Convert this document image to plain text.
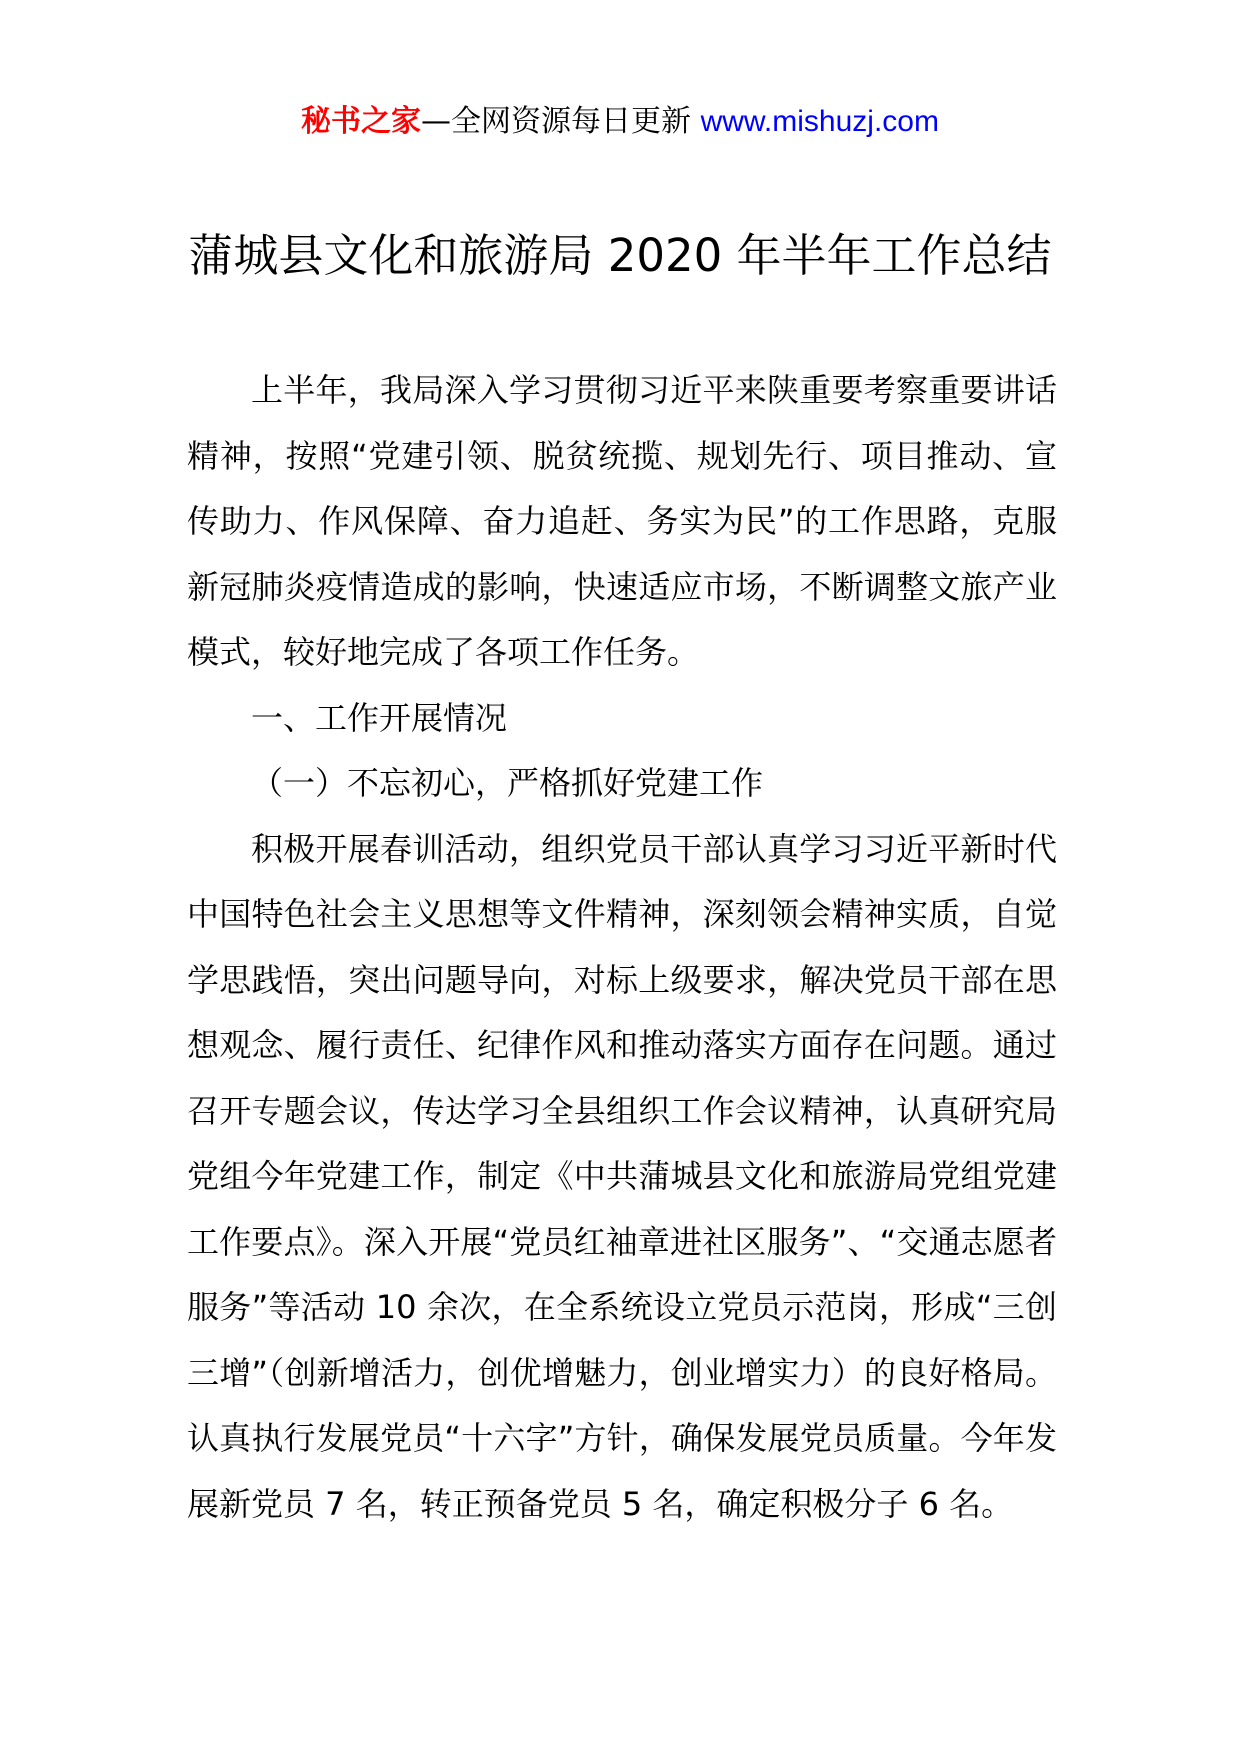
秘书之家—全网资源每日更新 www.mishuzj.com
蒲城县文化和旅游局 2020 年半年工作总结

上半年，我局深入学习贯彻习近平来陕重要考察重要讲话精神，按照“党建引领、脱贫统揽、规划先行、项目推动、宣传助力、作风保障、奋力追赶、务实为民”的工作思路，克服新冠肺炎疫情造成的影响，快速适应市场，不断调整文旅产业模式，较好地完成了各项工作任务。

一、工作开展情况

（一）不忘初心，严格抓好党建工作

积极开展春训活动，组织党员干部认真学习习近平新时代中国特色社会主义思想等文件精神，深刻领会精神实质，自觉学思践悟，突出问题导向，对标上级要求，解决党员干部在思想观念、履行责任、纪律作风和推动落实方面存在问题。通过召开专题会议，传达学习全县组织工作会议精神，认真研究局党组今年党建工作，制定《中共蒲城县文化和旅游局党组党建工作要点》。深入开展“党员红袖章进社区服务”、“交通志愿者服务”等活动 10 余次，在全系统设立党员示范岗，形成“三创三增”（创新增活力，创优增魅力，创业增实力）的良好格局。认真执行发展党员“十六字”方针，确保发展党员质量。今年发展新党员 7 名，转正预备党员 5 名，确定积极分子 6 名。
